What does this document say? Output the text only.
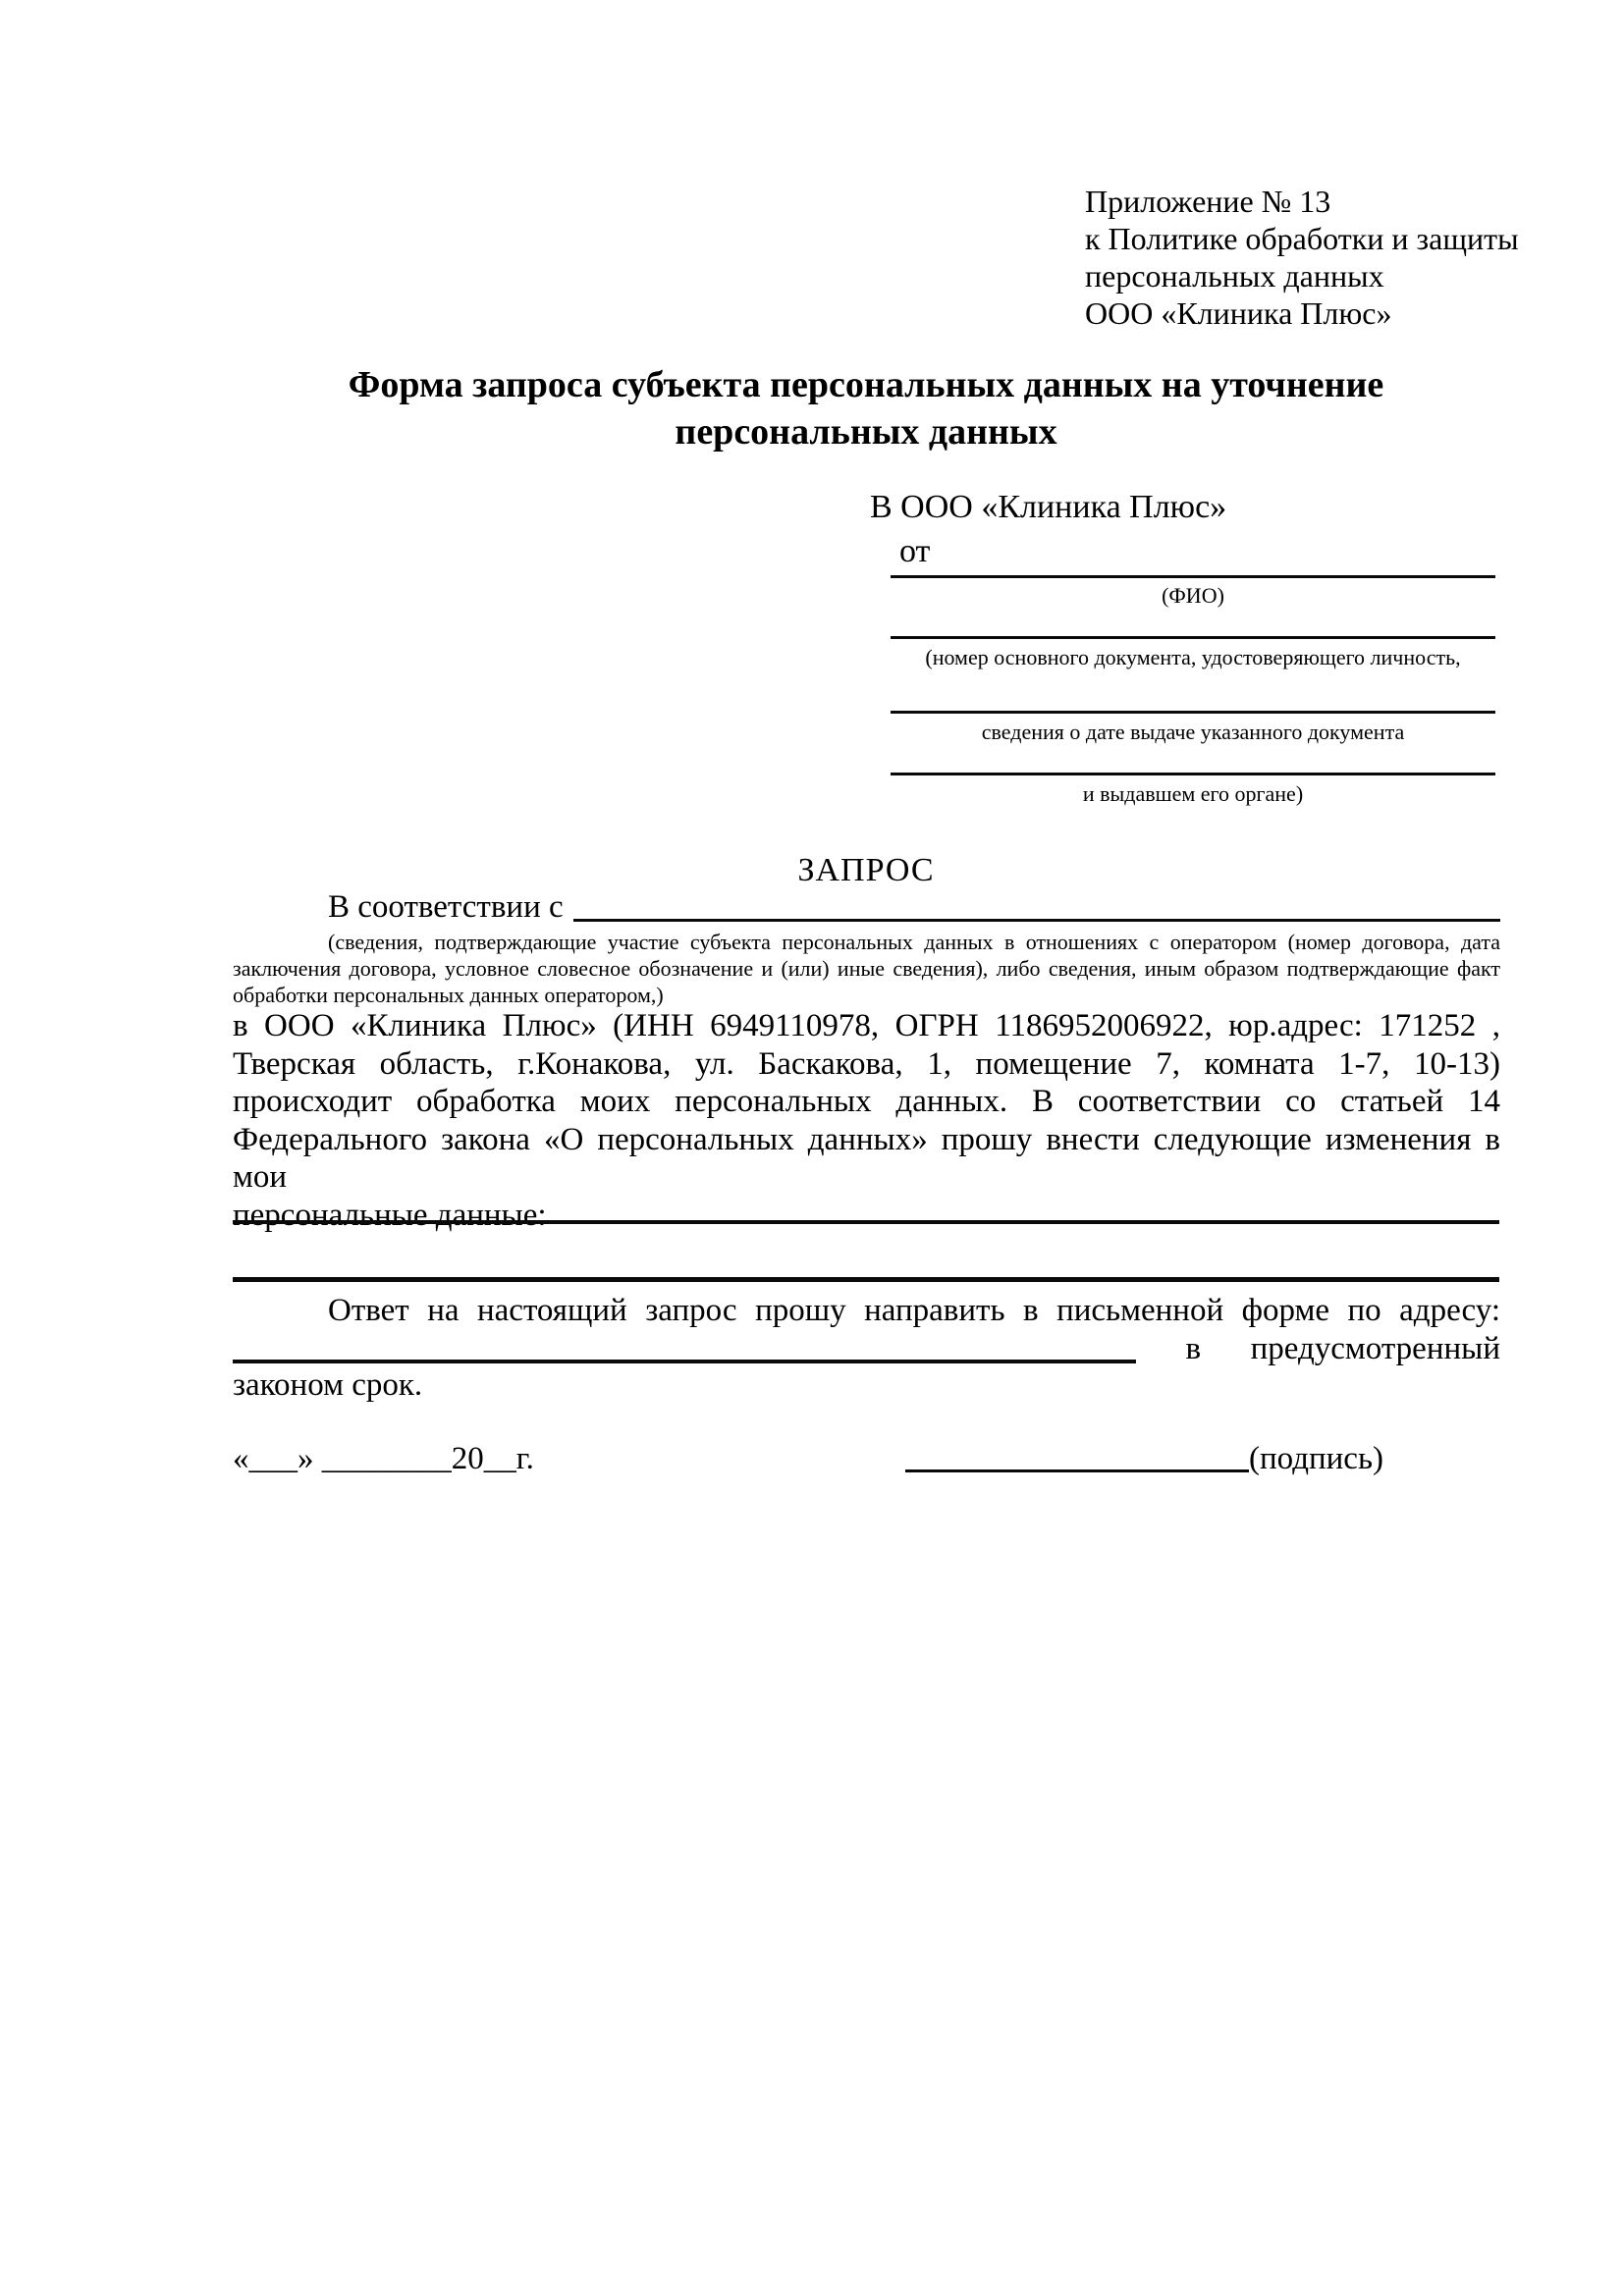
Приложение № 13
к Политике обработки и защиты
персональных данных
ООО «Клиника Плюс»
Форма запроса субъекта персональных данных на уточнение
персональных данных
В ООО «Клиника Плюс»
от
(ФИО)
(номер основного документа, удостоверяющего личность,
сведения о дате выдаче указанного документа
и выдавшем его органе)
ЗАПРОС
В соответствии с
(сведения, подтверждающие участие субъекта персональных данных в отношениях с оператором (номер договора, дата
заключения договора, условное словесное обозначение и (или) иные сведения), либо сведения, иным образом подтверждающие факт
обработки персональных данных оператором,)
в ООО «Клиника Плюс» (ИНН 6949110978, ОГРН 1186952006922, юр.адрес: 171252 ,
Тверская область, г.Конакова, ул. Баскакова, 1, помещение 7, комната 1-7, 10-13)
происходит обработка моих персональных данных. В соответствии со статьей 14
Федерального закона «О персональных данных» прошу внести следующие изменения в мои
персональные данные:
Ответ на настоящий запрос прошу направить в письменной форме по адресу:
в предусмотренный
законом срок.
«___» ________20__г.	(подпись)
